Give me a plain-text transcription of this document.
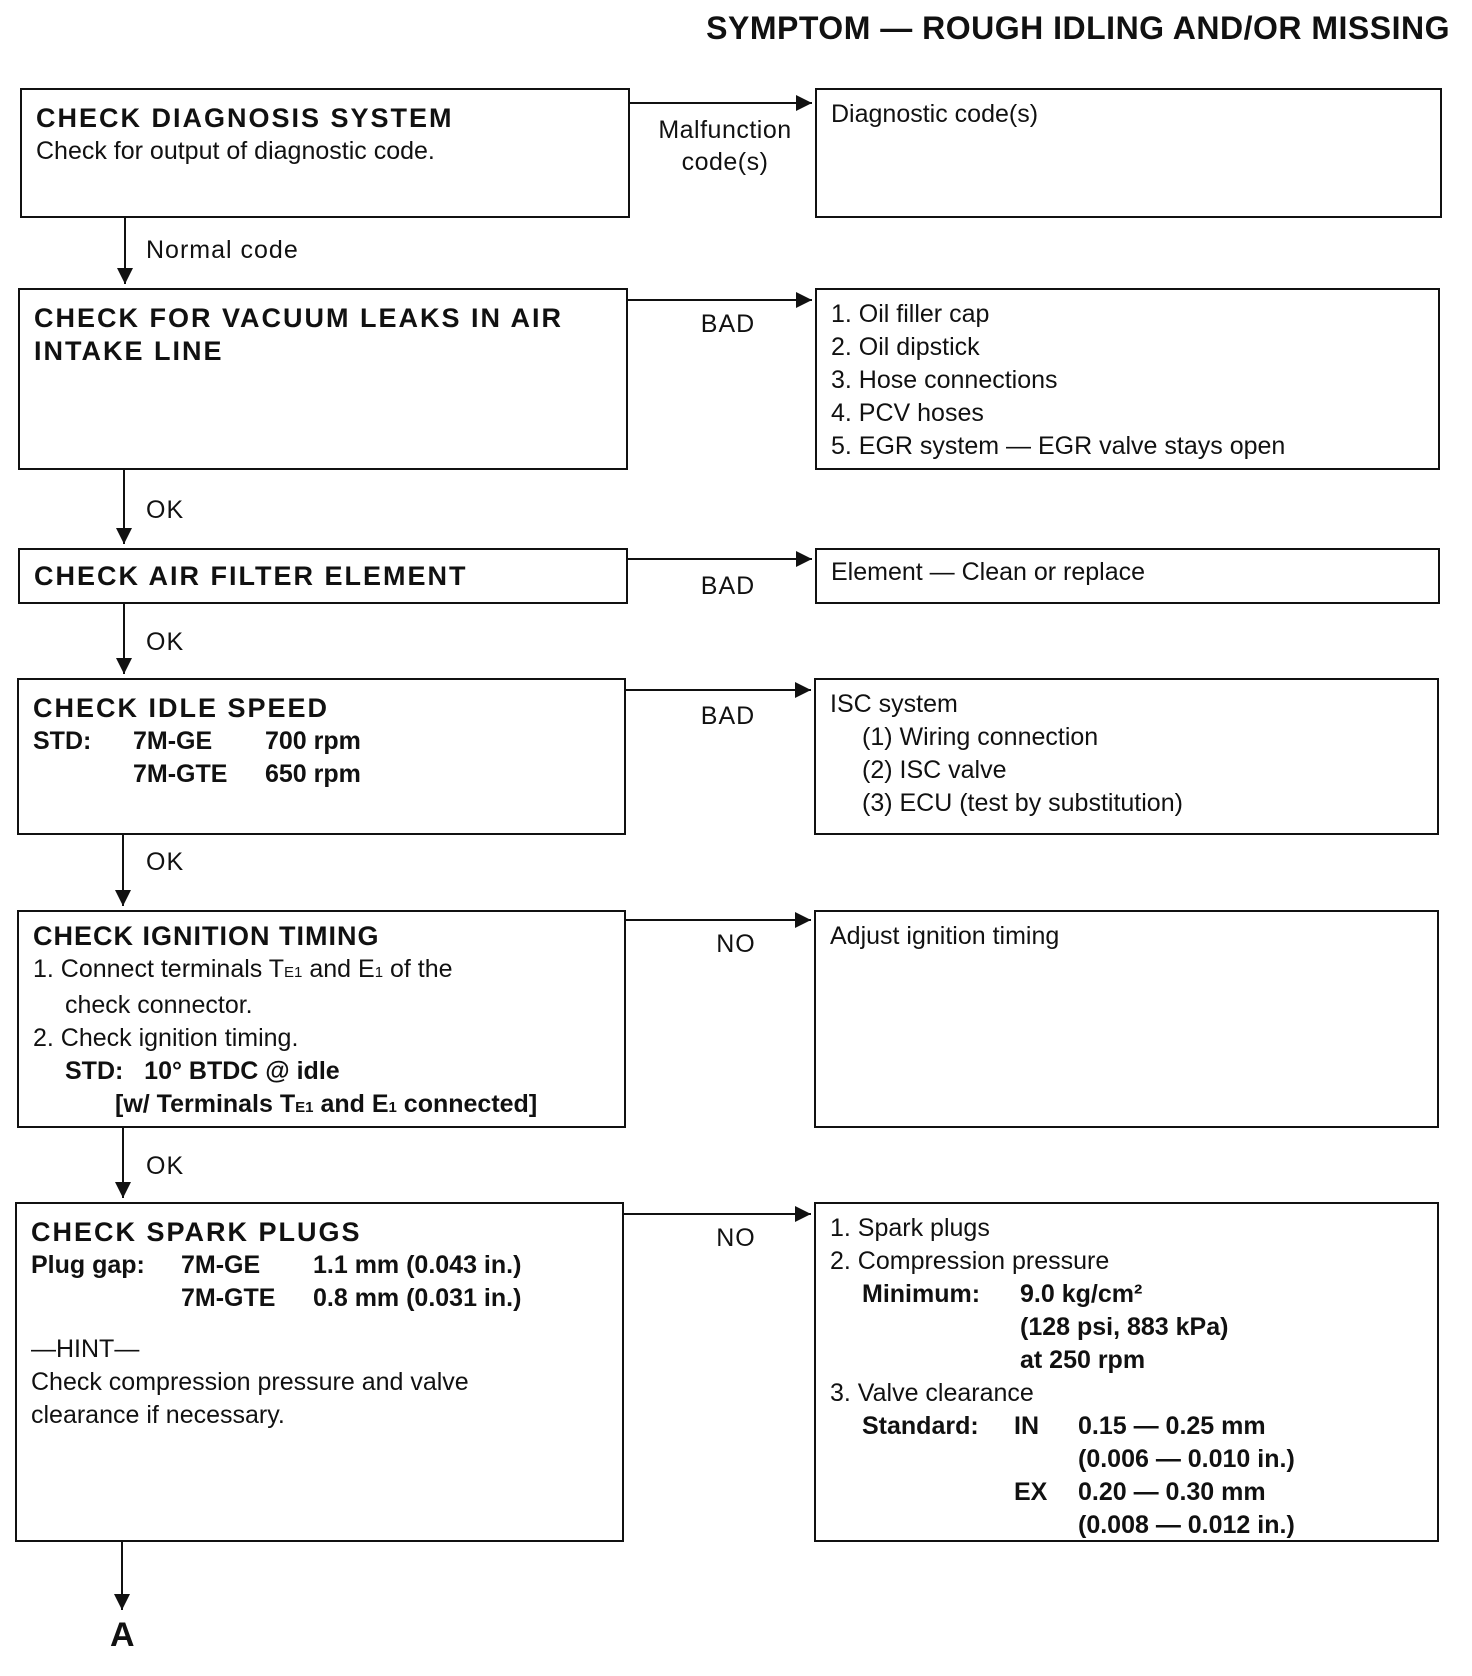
SYMPTOM — ROUGH IDLING AND/OR MISSING
CHECK DIAGNOSIS SYSTEM
Check for output of diagnostic code.
CHECK FOR VACUUM LEAKS IN AIR INTAKE LINE
CHECK AIR FILTER ELEMENT
CHECK IDLE SPEED
STD:	7M-GE	700 rpm
7M-GTE	650 rpm
CHECK IGNITION TIMING
1. Connect terminals TE1 and E1 of the
check connector.
2. Check ignition timing.
STD:   10° BTDC @ idle
[w/ Terminals TE1 and E1 connected]
CHECK SPARK PLUGS
Plug gap:	7M-GE	1.1 mm (0.043 in.)
7M-GTE	0.8 mm (0.031 in.)
—HINT—
Check compression pressure and valve
clearance if necessary.
Normal code
OK
OK
OK
OK
Malfunction
code(s)
BAD
BAD
BAD
NO
NO
Diagnostic code(s)
1. Oil filler cap
2. Oil dipstick
3. Hose connections
4. PCV hoses
5. EGR system — EGR valve stays open
Element — Clean or replace
ISC system
(1) Wiring connection
(2) ISC valve
(3) ECU (test by substitution)
Adjust ignition timing
1. Spark plugs
2. Compression pressure
Minimum:	9.0 kg/cm²
(128 psi, 883 kPa)
at 250 rpm
3. Valve clearance
Standard:	IN	0.15 — 0.25 mm
(0.006 — 0.010 in.)
EX	0.20 — 0.30 mm
(0.008 — 0.012 in.)
A
